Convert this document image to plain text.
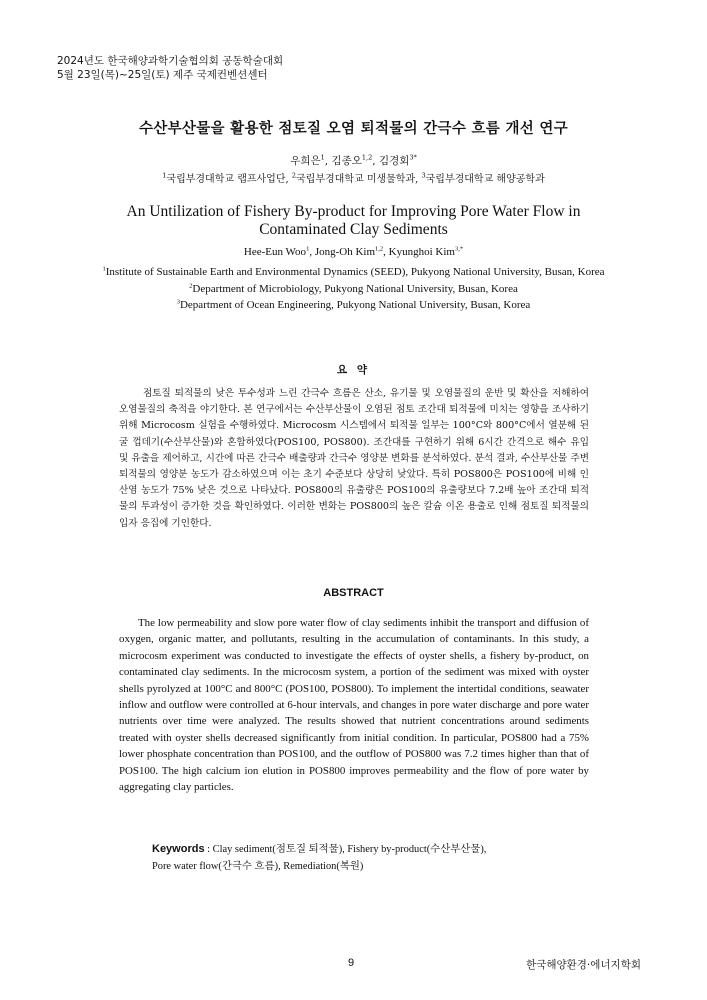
2024년도 한국해양과학기술협의회 공동학술대회
5월 23일(목)~25일(토) 제주 국제컨벤션센터
수산부산물을 활용한 점토질 오염 퇴적물의 간극수 흐름 개선 연구
우희은$^1$, 김종오$^{1,2}$, 김경회$^{3*}$
$^1$국립부경대학교 랩프사업단, $^2$국립부경대학교 미생물학과, $^3$국립부경대학교 해양공학과
An Untilization of Fishery By-product for Improving Pore Water Flow in
Contaminated Clay Sediments
Hee-Eun Woo$^1$, Jong-Oh Kim$^{1,2}$, Kyunghoi Kim$^{3,*}$
$^1$Institute of Sustainable Earth and Environmental Dynamics (SEED), Pukyong National University, Busan, Korea
$^2$Department of Microbiology, Pukyong National University, Busan, Korea
$^3$Department of Ocean Engineering, Pukyong National University, Busan, Korea
요 약

점토질 퇴적물의 낮은 투수성과 느린 간극수 흐름은 산소, 유기물 및 오염물질의 운반 및 확산을 저해하여 오염물질의 축적을 야기한다. 본 연구에서는 수산부산물이 오염된 점토 조간대 퇴적물에 미치는 영향을 조사하기 위해 Microcosm 실험을 수행하였다. Microcosm 시스템에서 퇴적물 일부는 100°C와 800°C에서 열분해 된 굴 껍데기(수산부산물)와 혼합하였다(POS100, POS800). 조간대를 구현하기 위해 6시간 간격으로 해수 유입 및 유출을 제어하고, 시간에 따른 간극수 배출량과 간극수 영양분 변화를 분석하였다. 분석 결과, 수산부산물 주변 퇴적물의 영양분 농도가 감소하였으며 이는 초기 수준보다 상당히 낮았다. 특히 POS800은 POS100에 비해 인산염 농도가 75% 낮은 것으로 나타났다. POS800의 유출량은 POS100의 유출량보다 7.2배 높아 조간대 퇴적물의 투과성이 증가한 것을 확인하였다. 이러한 변화는 POS800의 높은 칼슘 이온 용출로 인해 점토질 퇴적물의 입자 응집에 기인한다.

ABSTRACT

The low permeability and slow pore water flow of clay sediments inhibit the transport and diffusion of oxygen, organic matter, and pollutants, resulting in the accumulation of contaminants. In this study, a microcosm experiment was conducted to investigate the effects of oyster shells, a fishery by-product, on contaminated clay sediments. In the microcosm system, a portion of the sediment was mixed with oyster shells pyrolyzed at 100°C and 800°C (POS100, POS800). To implement the intertidal conditions, seawater inflow and outflow were controlled at 6-hour intervals, and changes in pore water discharge and pore water nutrients over time were analyzed. The results showed that nutrient concentrations around sediments treated with oyster shells decreased significantly from initial condition. In particular, POS800 had a 75% lower phosphate concentration than POS100, and the outflow of POS800 was 7.2 times higher than that of POS100. The high calcium ion elution in POS800 improves permeability and the flow of pore water by aggregating clay particles.

Keywords : Clay sediment(점토질 퇴적물), Fishery by-product(수산부산물),
Pore water flow(간극수 흐름), Remediation(복원)
9	한국해양환경·에너지학회
